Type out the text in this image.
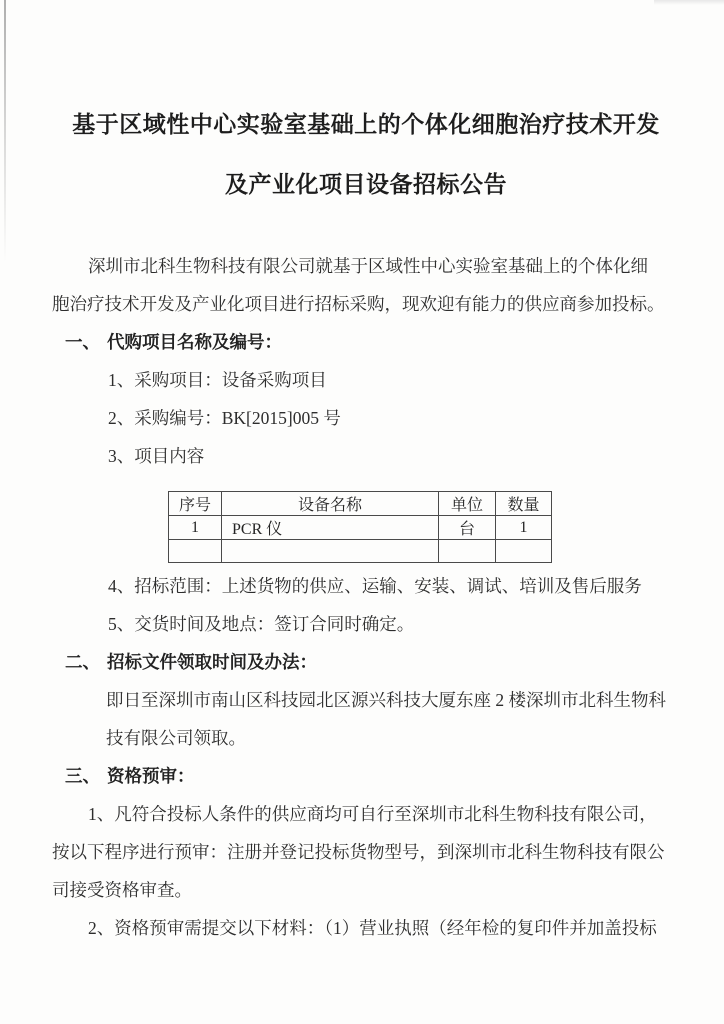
基于区域性中心实验室基础上的个体化细胞治疗技术开发
及产业化项目设备招标公告
深圳市北科生物科技有限公司就基于区域性中心实验室基础上的个体化细
胞治疗技术开发及产业化项目进行招标采购，现欢迎有能力的供应商参加投标。
一、 代购项目名称及编号：
1、采购项目：设备采购项目
2、采购编号：BK[2015]005 号
3、项目内容
序号	设备名称	单位	数量
1	PCR 仪	台	1

4、招标范围：上述货物的供应、运输、安装、调试、培训及售后服务
5、交货时间及地点：签订合同时确定。
二、 招标文件领取时间及办法：
即日至深圳市南山区科技园北区源兴科技大厦东座 2 楼深圳市北科生物科
技有限公司领取。
三、 资格预审：
1、凡符合投标人条件的供应商均可自行至深圳市北科生物科技有限公司，
按以下程序进行预审：注册并登记投标货物型号，到深圳市北科生物科技有限公
司接受资格审查。
2、资格预审需提交以下材料：（1）营业执照（经年检的复印件并加盖投标
